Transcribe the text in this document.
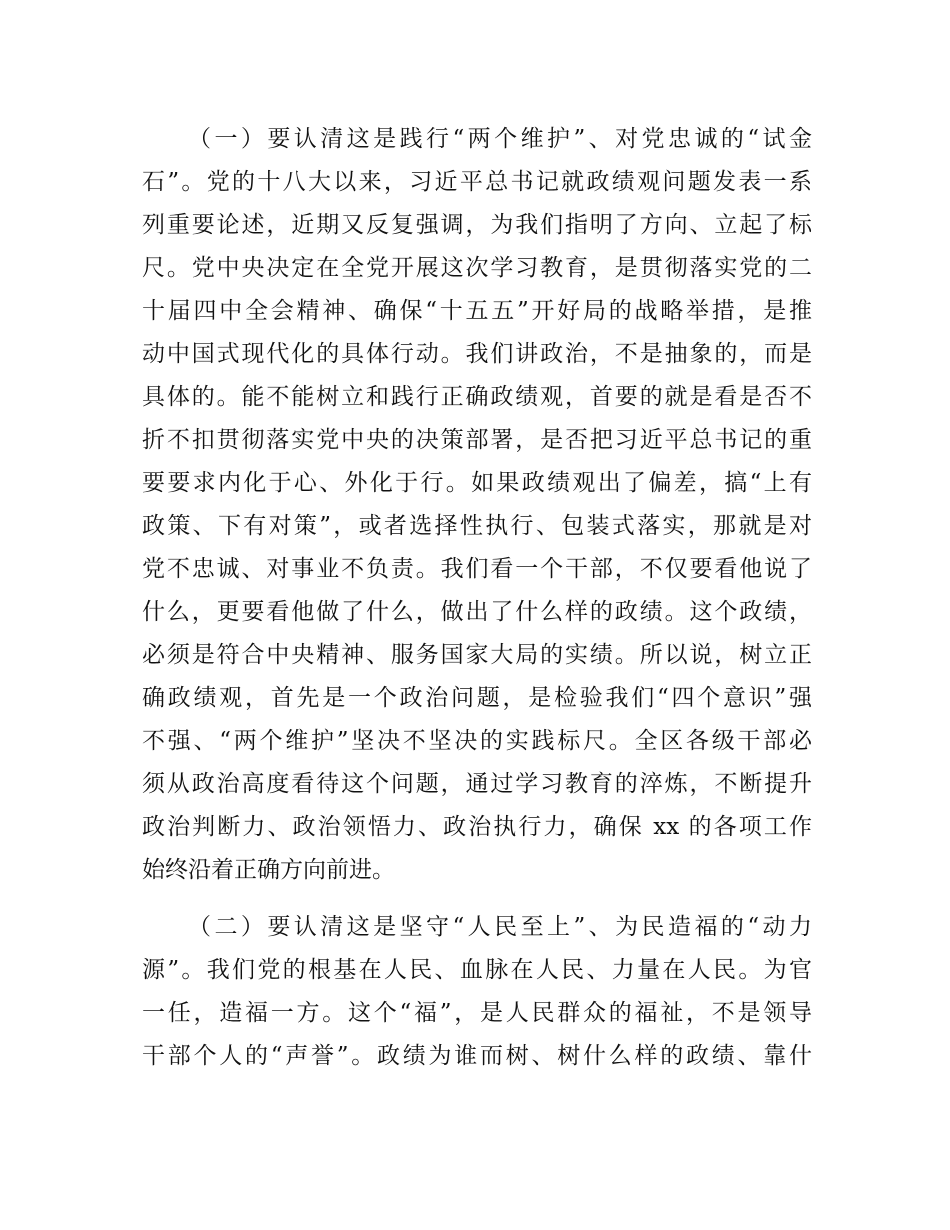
（一）要认清这是践行“两个维护”、对党忠诚的“试金
石”。党的十八大以来，习近平总书记就政绩观问题发表一系
列重要论述，近期又反复强调，为我们指明了方向、立起了标
尺。党中央决定在全党开展这次学习教育，是贯彻落实党的二
十届四中全会精神、确保“十五五”开好局的战略举措，是推
动中国式现代化的具体行动。我们讲政治，不是抽象的，而是
具体的。能不能树立和践行正确政绩观，首要的就是看是否不
折不扣贯彻落实党中央的决策部署，是否把习近平总书记的重
要要求内化于心、外化于行。如果政绩观出了偏差，搞“上有
政策、下有对策”，或者选择性执行、包装式落实，那就是对
党不忠诚、对事业不负责。我们看一个干部，不仅要看他说了
什么，更要看他做了什么，做出了什么样的政绩。这个政绩，
必须是符合中央精神、服务国家大局的实绩。所以说，树立正
确政绩观，首先是一个政治问题，是检验我们“四个意识”强
不强、“两个维护”坚决不坚决的实践标尺。全区各级干部必
须从政治高度看待这个问题，通过学习教育的淬炼，不断提升
政治判断力、政治领悟力、政治执行力，确保 xx 的各项工作
始终沿着正确方向前进。
（二）要认清这是坚守“人民至上”、为民造福的“动力
源”。我们党的根基在人民、血脉在人民、力量在人民。为官
一任，造福一方。这个“福”，是人民群众的福祉，不是领导
干部个人的“声誉”。政绩为谁而树、树什么样的政绩、靠什
